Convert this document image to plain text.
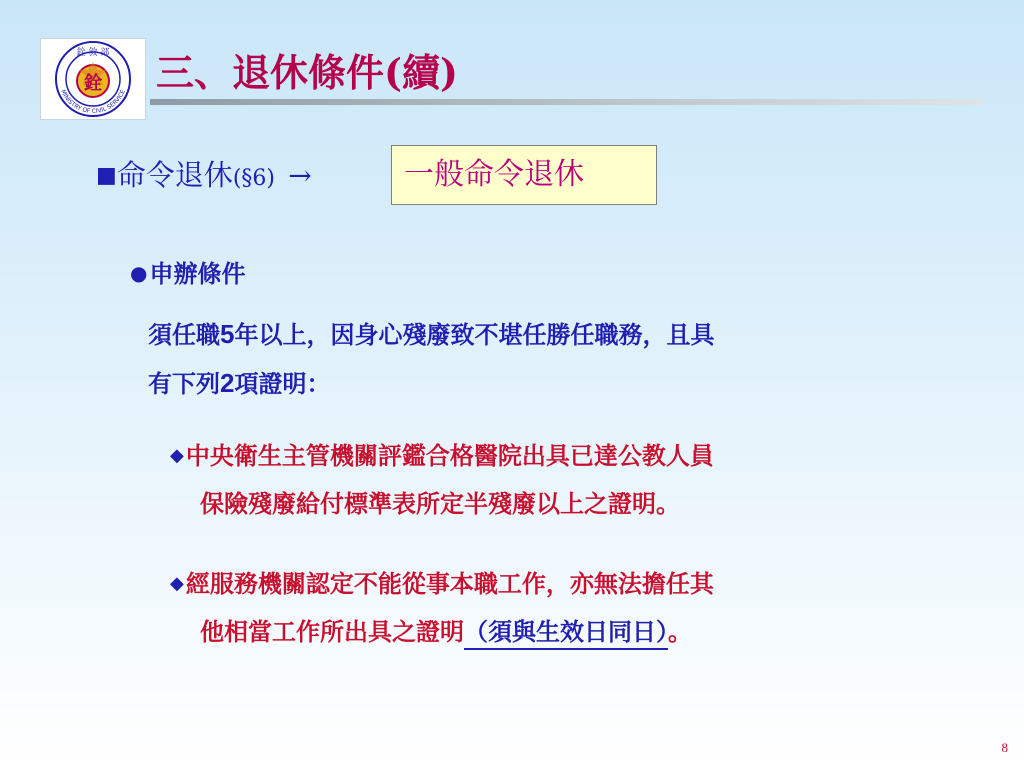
銓
銓 敘 部
MINISTRY OF CIVIL SERVICE 三、退休條件(續)
■命令退休(§6) →	一般命令退休
●申辦條件

須任職5年以上，因身心殘廢致不堪任勝任職務，且具
有下列2項證明：

◆中央衛生主管機關評鑑合格醫院出具已達公教人員
保險殘廢給付標準表所定半殘廢以上之證明。
◆經服務機關認定不能從事本職工作，亦無法擔任其
他相當工作所出具之證明（須與生效日同日）。
8
